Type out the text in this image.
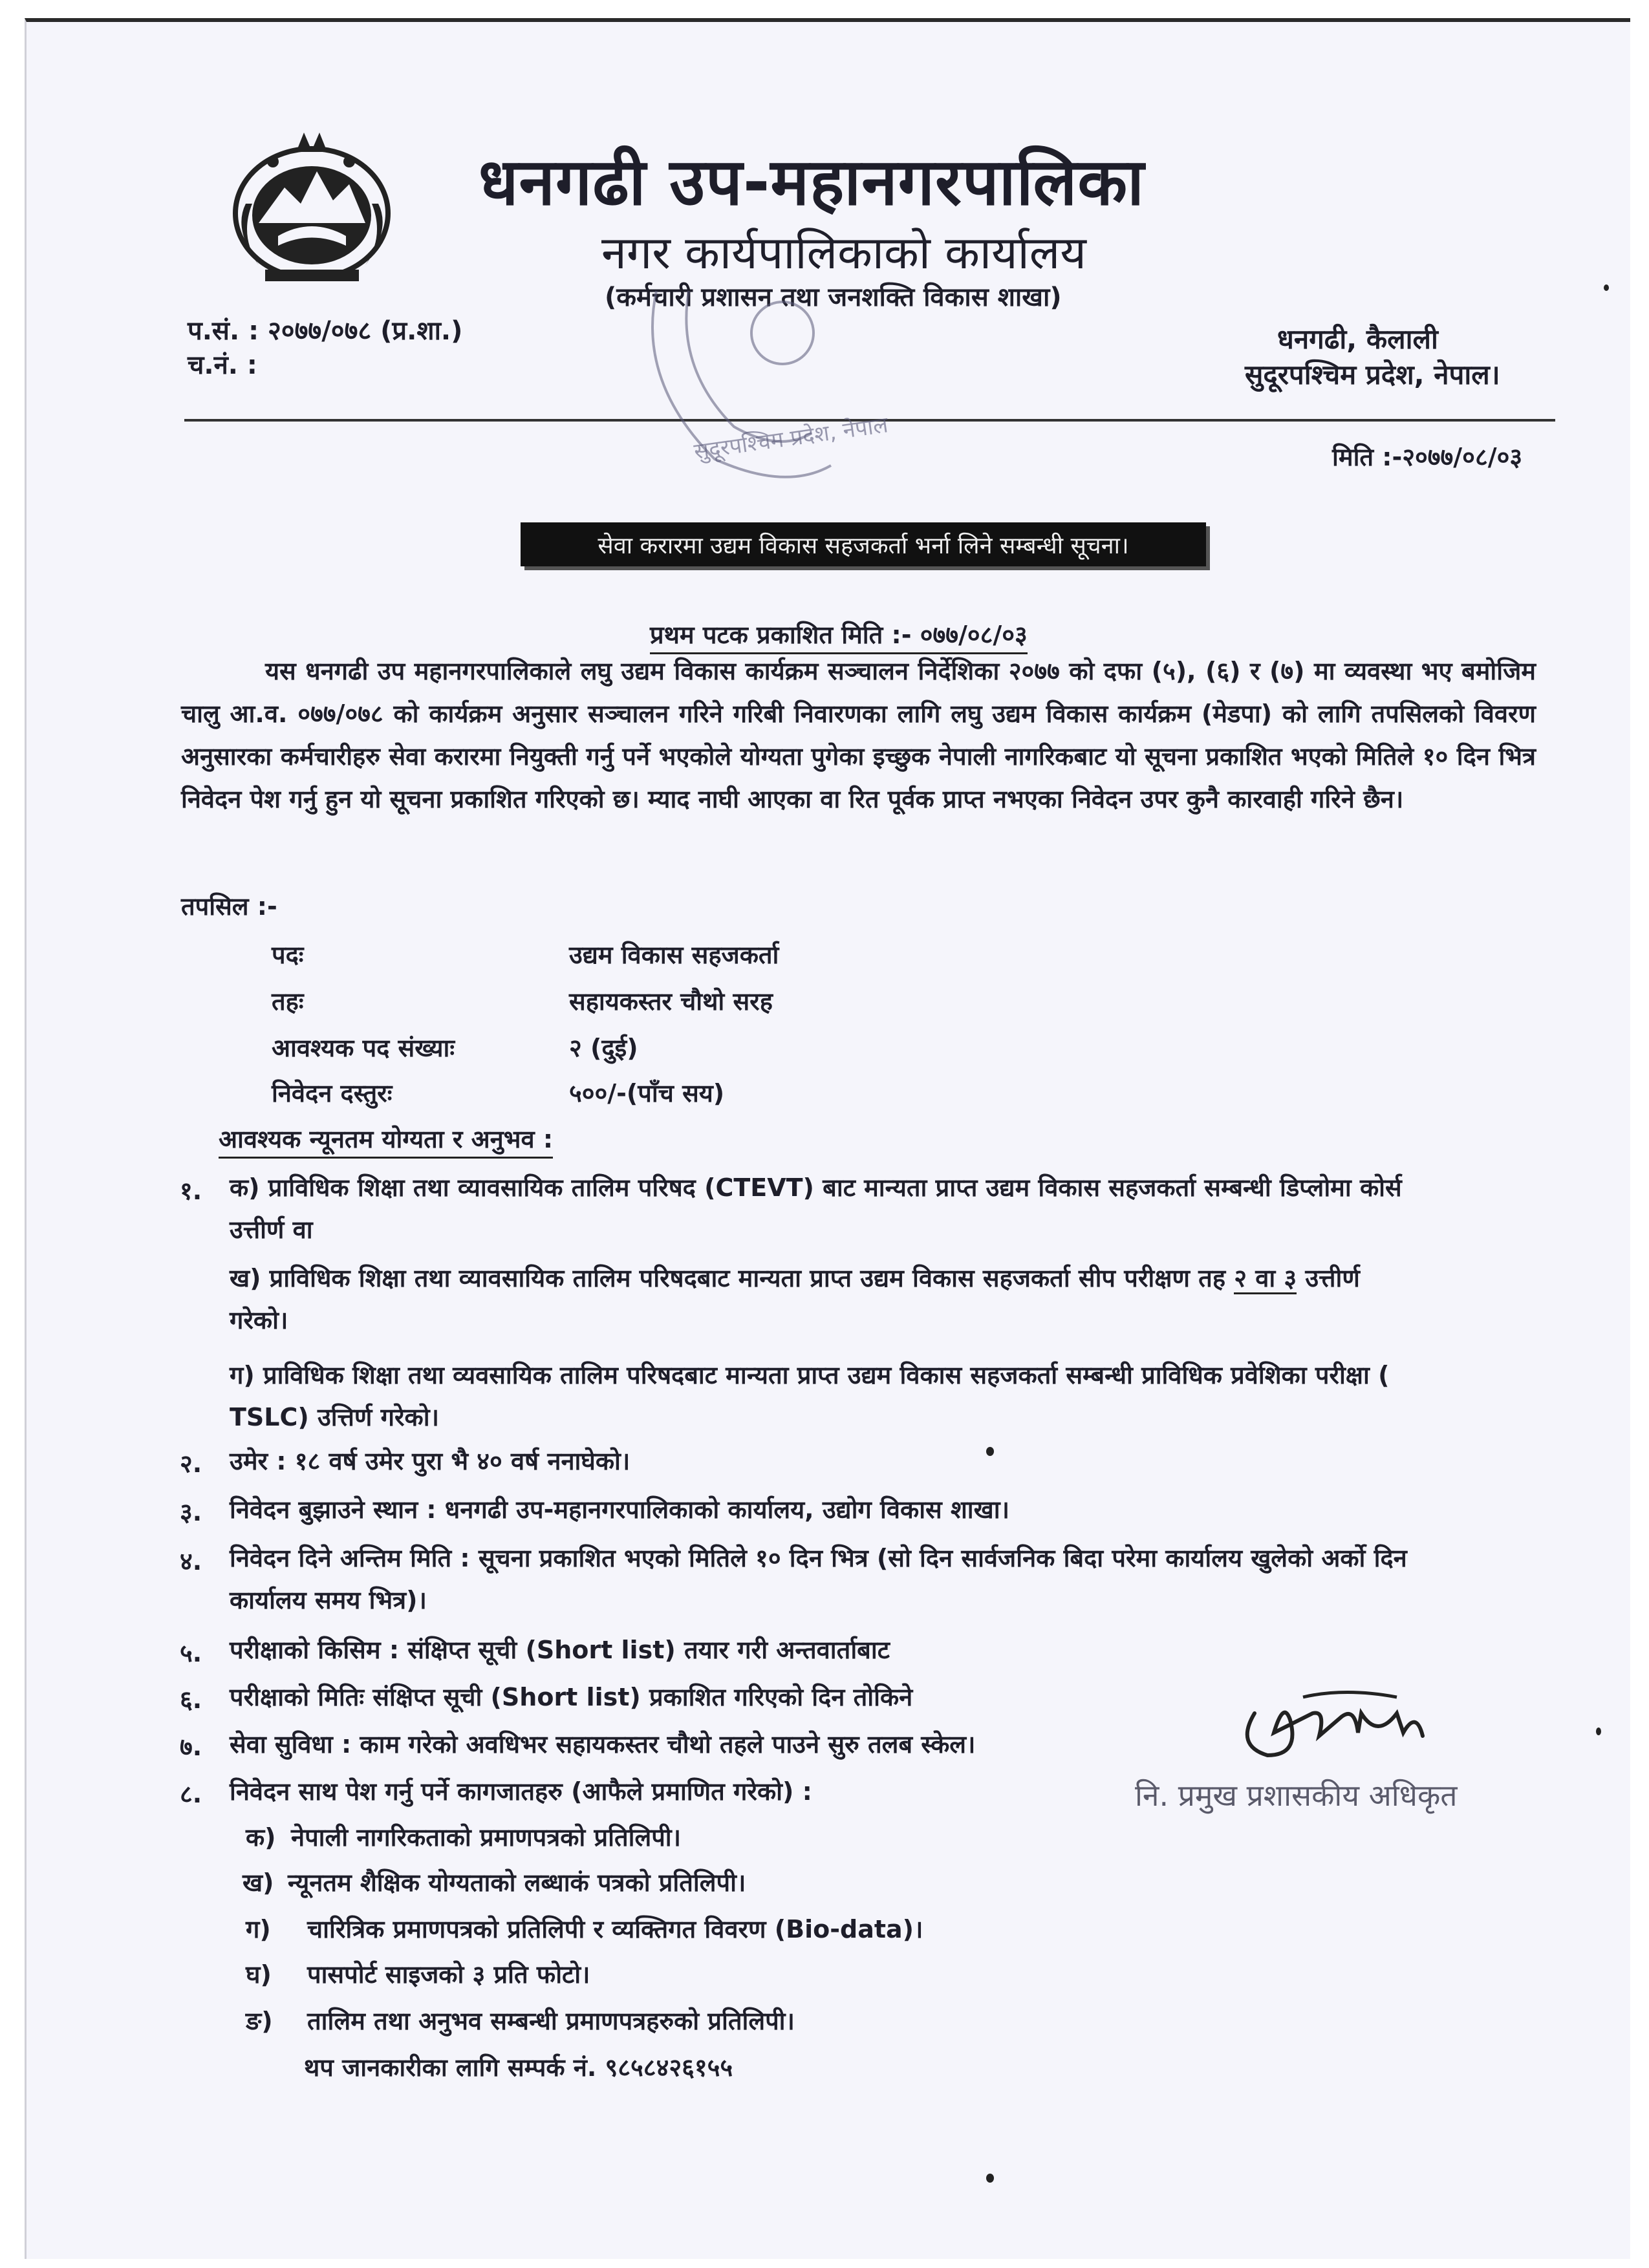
धनगढी उप-महानगरपालिका
नगर कार्यपालिकाको कार्यालय
(कर्मचारी प्रशासन तथा जनशक्ति विकास शाखा)
प.सं. : २०७७/०७८ (प्र.शा.)
च.नं. :
धनगढी, कैलाली
सुदूरपश्चिम प्रदेश, नेपाल।
सुदूरपश्चिम प्रदेश, नेपाल	मिति :-२०७७/०८/०३
सेवा करारमा उद्यम विकास सहजकर्ता भर्ना लिने सम्बन्धी सूचना।
प्रथम पटक प्रकाशित मिति :- ०७७/०८/०३
यस धनगढी उप महानगरपालिकाले लघु उद्यम विकास कार्यक्रम सञ्चालन निर्देशिका २०७७ को दफा (५), (६) र (७) मा व्यवस्था भए बमोजिम चालु आ.व. ०७७/०७८ को कार्यक्रम अनुसार सञ्चालन गरिने गरिबी निवारणका लागि लघु उद्यम विकास कार्यक्रम (मेडपा) को लागि तपसिलको विवरण अनुसारका कर्मचारीहरु सेवा करारमा नियुक्ती गर्नु पर्ने भएकोले योग्यता पुगेका इच्छुक नेपाली नागरिकबाट यो सूचना प्रकाशित भएको मितिले १० दिन भित्र निवेदन पेश गर्नु हुन यो सूचना प्रकाशित गरिएको छ। म्याद नाघी आएका वा रित पूर्वक प्राप्त नभएका निवेदन उपर कुनै कारवाही गरिने छैन।
तपसिल :-
पदः	उद्यम विकास सहजकर्ता
तहः	सहायकस्तर चौथो सरह
आवश्यक पद संख्याः	२ (दुई)
निवेदन दस्तुरः	५००/-(पाँच सय)
आवश्यक न्यूनतम योग्यता र अनुभव :
१. क) प्राविधिक शिक्षा तथा व्यावसायिक तालिम परिषद (CTEVT) बाट मान्यता प्राप्त उद्यम विकास सहजकर्ता सम्बन्धी डिप्लोमा कोर्स
उत्तीर्ण वा
ख) प्राविधिक शिक्षा तथा व्यावसायिक तालिम परिषदबाट मान्यता प्राप्त उद्यम विकास सहजकर्ता सीप परीक्षण तह २ वा ३ उत्तीर्ण
गरेको।
ग) प्राविधिक शिक्षा तथा व्यवसायिक तालिम परिषदबाट मान्यता प्राप्त उद्यम विकास सहजकर्ता सम्बन्धी प्राविधिक प्रवेशिका परीक्षा (
TSLC) उत्तिर्ण गरेको।
२. उमेर : १८ वर्ष उमेर पुरा भै ४० वर्ष ननाघेको।
३. निवेदन बुझाउने स्थान : धनगढी उप-महानगरपालिकाको कार्यालय, उद्योग विकास शाखा।
४. निवेदन दिने अन्तिम मिति : सूचना प्रकाशित भएको मितिले १० दिन भित्र (सो दिन सार्वजनिक बिदा परेमा कार्यालय खुलेको अर्को दिन
कार्यालय समय भित्र)।
५. परीक्षाको किसिम : संक्षिप्त सूची (Short list) तयार गरी अन्तवार्ताबाट
६. परीक्षाको मितिः संक्षिप्त सूची (Short list) प्रकाशित गरिएको दिन तोकिने
७. सेवा सुविधा : काम गरेको अवधिभर सहायकस्तर चौथो तहले पाउने सुरु तलब स्केल।
८. निवेदन साथ पेश गर्नु पर्ने कागजातहरु (आफैले प्रमाणित गरेको) :
क) नेपाली नागरिकताको प्रमाणपत्रको प्रतिलिपी।
ख) न्यूनतम शैक्षिक योग्यताको लब्धाकं पत्रको प्रतिलिपी।
ग) चारित्रिक प्रमाणपत्रको प्रतिलिपी र व्यक्तिगत विवरण (Bio-data)।
घ) पासपोर्ट साइजको ३ प्रति फोटो।
ङ) तालिम तथा अनुभव सम्बन्धी प्रमाणपत्रहरुको प्रतिलिपी।
थप जानकारीका लागि सम्पर्क नं. ९८५८४२६१५५
नि. प्रमुख प्रशासकीय अधिकृत
